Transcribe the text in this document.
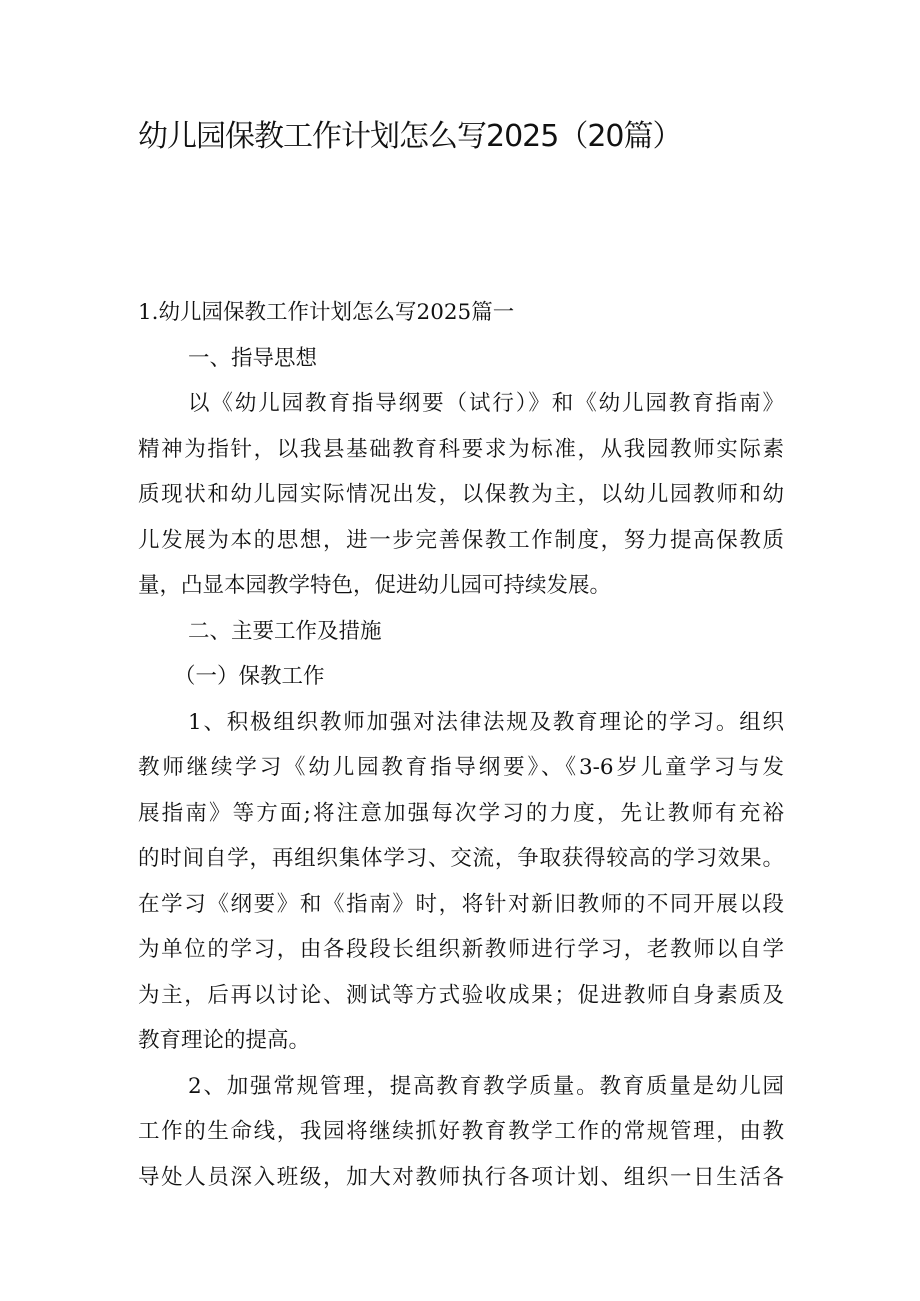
幼儿园保教工作计划怎么写2025（20篇）
1.幼儿园保教工作计划怎么写2025篇一
一、指导思想
以《幼儿园教育指导纲要（试行）》和《幼儿园教育指南》
精神为指针，以我县基础教育科要求为标准，从我园教师实际素
质现状和幼儿园实际情况出发，以保教为主，以幼儿园教师和幼
儿发展为本的思想，进一步完善保教工作制度，努力提高保教质
量，凸显本园教学特色，促进幼儿园可持续发展。
二、主要工作及措施
（一）保教工作
1、积极组织教师加强对法律法规及教育理论的学习。组织
教师继续学习《幼儿园教育指导纲要》、《3-6岁儿童学习与发
展指南》等方面;将注意加强每次学习的力度，先让教师有充裕
的时间自学，再组织集体学习、交流，争取获得较高的学习效果。
在学习《纲要》和《指南》时，将针对新旧教师的不同开展以段
为单位的学习，由各段段长组织新教师进行学习，老教师以自学
为主，后再以讨论、测试等方式验收成果；促进教师自身素质及
教育理论的提高。
2、加强常规管理，提高教育教学质量。教育质量是幼儿园
工作的生命线，我园将继续抓好教育教学工作的常规管理，由教
导处人员深入班级，加大对教师执行各项计划、组织一日生活各
